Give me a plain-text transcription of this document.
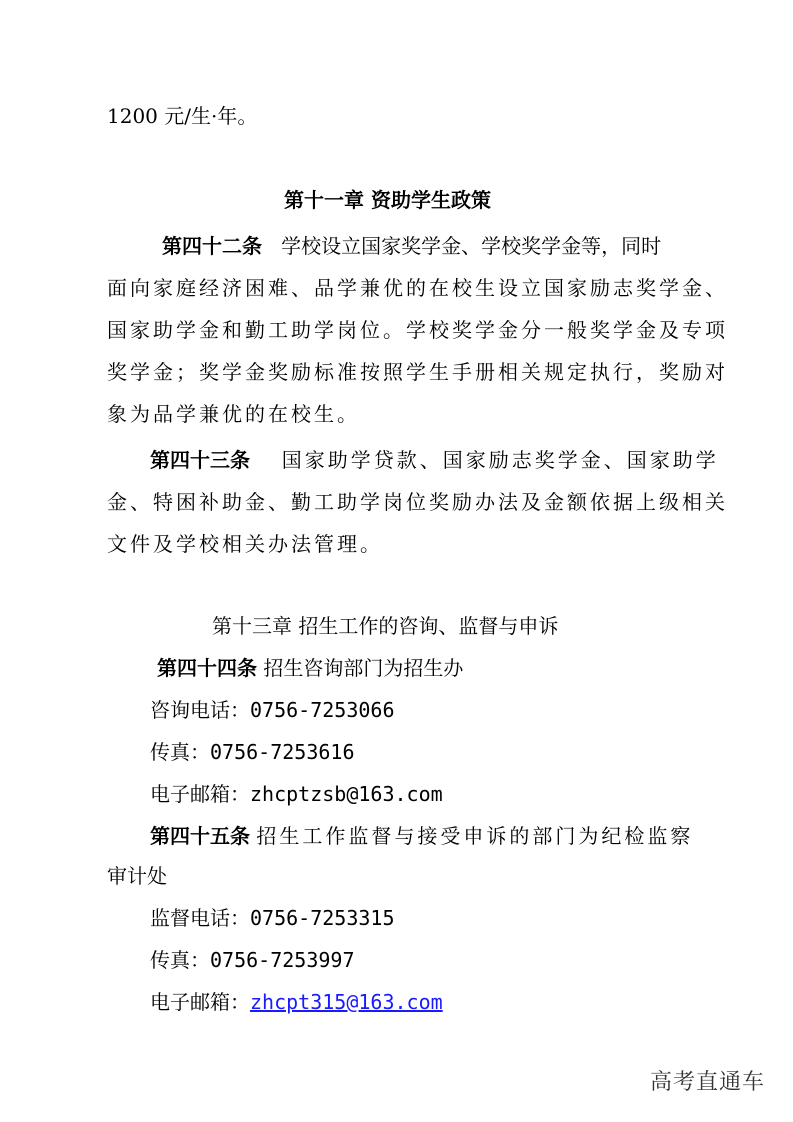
1200 元/生·年。
第十一章 资助学生政策
第四十二条 学校设立国家奖学金、学校奖学金等，同时
面向家庭经济困难、品学兼优的在校生设立国家励志奖学金、
国家助学金和勤工助学岗位。学校奖学金分一般奖学金及专项
奖学金；奖学金奖励标准按照学生手册相关规定执行，奖励对
象为品学兼优的在校生。
第四十三条 国家助学贷款、国家励志奖学金、国家助学
金、特困补助金、勤工助学岗位奖励办法及金额依据上级相关
文件及学校相关办法管理。
第十三章 招生工作的咨询、监督与申诉
第四十四条 招生咨询部门为招生办
咨询电话：0756-7253066
传真：0756-7253616
电子邮箱：zhcptzsb@163.com
第四十五条 招生工作监督与接受申诉的部门为纪检监察
审计处
监督电话：0756-7253315
传真：0756-7253997
电子邮箱：zhcpt315@163.com
高考直通车
